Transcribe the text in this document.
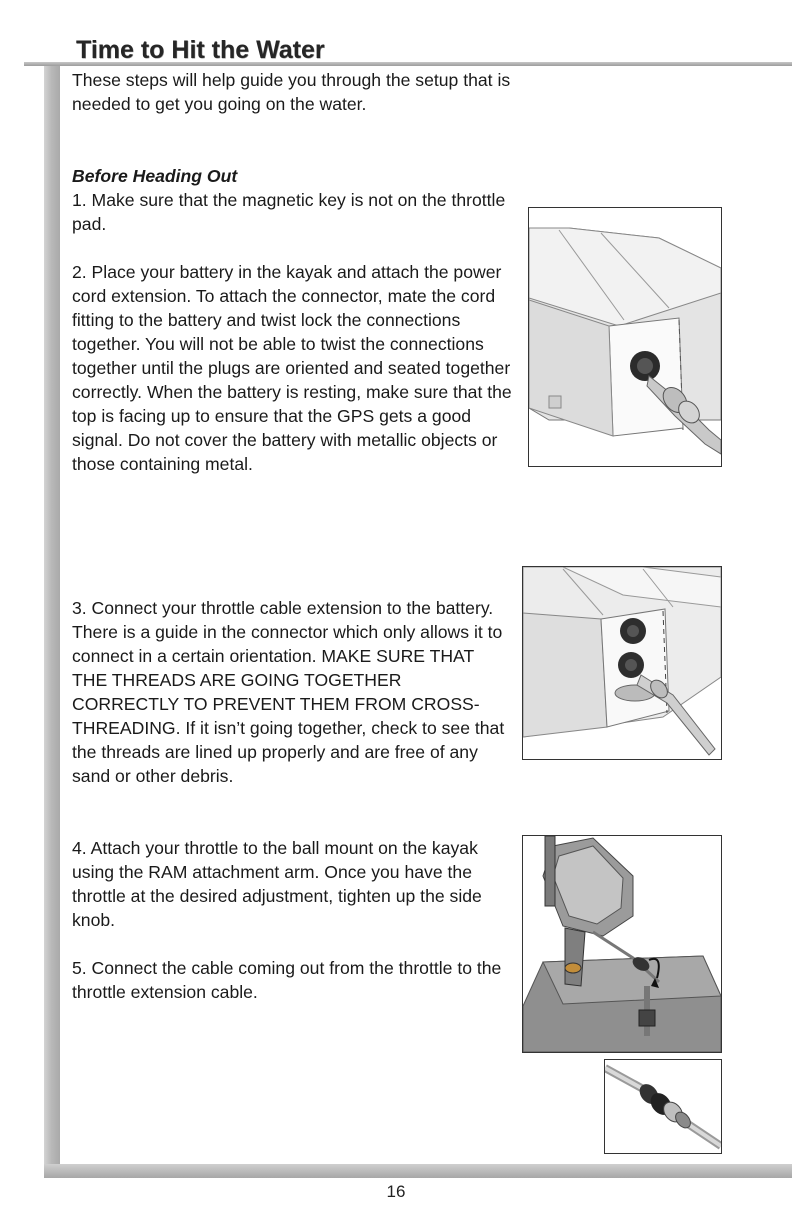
Time to Hit the Water

These steps will help guide you through the setup that is needed to get you going on the water.

Before Heading Out
1. Make sure that the magnetic key is not on the throttle pad.

2. Place your battery in the kayak and attach the power cord extension. To attach the connector, mate the cord fitting to the battery and twist lock the connections together. You will not be able to twist the connections together until the plugs are oriented and seated together correctly. When the battery is resting, make sure that the top is facing up to ensure that the GPS gets a good signal. Do not cover the battery with metallic objects or those containing metal.

3. Connect your throttle cable extension to the battery. There is a guide in the connector which only allows it to connect in a certain orientation. MAKE SURE THAT THE THREADS ARE GOING TOGETHER CORRECTLY TO PREVENT THEM FROM CROSS-THREADING. If it isn’t going together, check to see that the threads are lined up properly and are free of any sand or other debris.

4. Attach your throttle to the ball mount on the kayak using the RAM attachment arm. Once you have the throttle at the desired adjustment, tighten up the side knob.

5. Connect the cable coming out from the throttle to the throttle extension cable.

16
